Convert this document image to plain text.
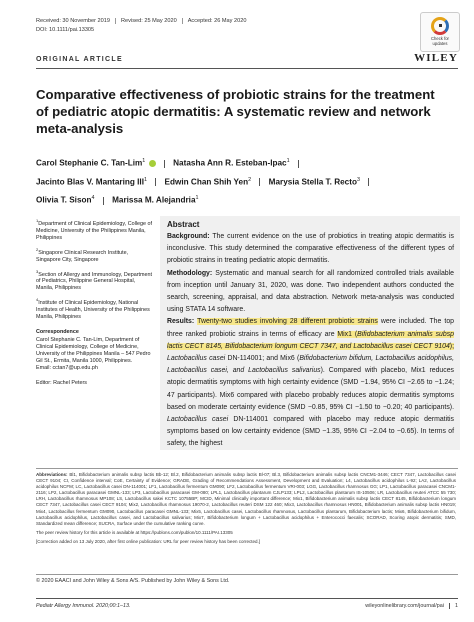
Received: 30 November 2019 Revised: 25 May 2020 Accepted: 26 May 2020
DOI: 10.1111/pai.13305
Check for
updates
WILEY
ORIGINAL ARTICLE
Comparative effectiveness of probiotic strains for the treatment of pediatric atopic dermatitis: A systematic review and network meta-analysis
Carol Stephanie C. Tan-Lim$^1$	Natasha Ann R. Esteban-Ipac$^1$
Jacinto Blas V. Mantaring III$^1$ Edwin Chan Shih Yen$^2$ Marysia Stella T. Recto$^3$
Olivia T. Sison$^4$ Marissa M. Alejandria$^1$
$^1$Department of Clinical Epidemiology, College of Medicine, University of the Philippines Manila, Philippines
$^2$Singapore Clinical Research Institute, Singapore City, Singapore
$^3$Section of Allergy and Immunology, Department of Pediatrics, Philippine General Hospital, Manila, Philippines
$^4$Institute of Clinical Epidemiology, National Institutes of Health, University of the Philippines Manila, Philippines
Correspondence
Carol Stephanie C. Tan-Lim, Department of Clinical Epidemiology, College of Medicine, University of the Philippines Manila – 547 Pedro Gil St., Ermita, Manila 1000, Philippines.
Email: cctan7@up.edu.ph
Editor: Rachel Peters
Abstract

Background: The current evidence on the use of probiotics in treating atopic dermatitis is inconclusive. This study determined the comparative effectiveness of the different types of probiotic strains in treating pediatric atopic dermatitis.
Methodology: Systematic and manual search for all randomized controlled trials available from inception until January 31, 2020, was done. Two independent authors conducted the search, screening, appraisal, and data abstraction. Network meta-analysis was conducted using STATA 14 software.
Results: Twenty-two studies involving 28 different probiotic strains were included. The top three ranked probiotic strains in terms of efficacy are Mix1 (Bifidobacterium animalis subsp lactis CECT 8145, Bifidobacterium longum CECT 7347, and Lactobacillus casei CECT 9104); Lactobacillus casei DN-114001; and Mix6 (Bifidobacterium bifidum, Lactobacillus acidophilus, Lactobacillus casei, and Lactobacillus salivarius). Compared with placebo, Mix1 reduces atopic dermatitis symptoms with high certainty evidence (SMD −1.94, 95% CI −2.65 to −1.24; 47 participants). Mix6 compared with placebo probably reduces atopic dermatitis symptoms based on moderate certainty evidence (SMD −0.85, 95% CI −1.50 to −0.20; 40 participants). Lactobacillus casei DN-114001 compared with placebo may reduce atopic dermatitis symptoms based on low certainty evidence (SMD −1.35, 95% CI −2.04 to −0.65). In terms of safety, the highest

Abbreviations: Bl1, Bifidobacterium animalis subsp lactis Bb-12; Bl.2, Bifidobacterium animalis subsp lactis Bl-07; Bl.3, Bifidobacterium animalis subsp lactis CNCM1-3446; CECT 7347, Lactobacillus casei CECT 9104; CI, Confidence interval; CoE, Certainty of Evidence; GRADE, Grading of Recommendations Assessment, Development and Evaluation; L4, Lactobacillus acidophilus L-92; LA2, Lactobacillus acidophilus NCFM; LC, Lactobacillus casei DN-114001; LF1, Lactobacillus fermentum GM090; LF2, Lactobacillus fermentum VRI-003; LGG, Lactobacillus rhamnosus GG; LP1, Lactobacillus paracasei CNCM1-2116; LP2, Lactobacillus paracasei GMNL-133; LP3, Lactobacillus paracasei GM-080; LPL1, Lactobacillus plantarum CJLP133; LPL2, Lactobacillus plantarum IS-10506; LR, Lactobacillus reuteri ATCC 55 730; LRH, Lactobacillus rhamnosus MP108; LS, Lactobacillus sakei KCTC 10755BP; MCID, Minimal clinically important difference; Mix1, Bifidobacterium animalis subsp lactis CECT 8145, Bifidobacterium longum CECT 7347, Lactobacillus casei CECT 9104; Mix2, Lactobacillus rhamnosus 19070-2, Lactobacillus reuteri DSM 122 460; Mix3, Lactobacillus rhamnosus HN001, Bifidobacterium animalis subsp lactis HN019; Mix4, Lactobacillus fermentum GM090, Lactobacillus paracasei GMNL-133; Mix5, Lactobacillus casei, Lactobacillus rhamnosus, Lactobacillus plantarum, Bifidobacterium lactis; Mix6, Bifidobacterium bifidum, Lactobacillus acidophilus, Lactobacillus casei, and Lactobacillus salivarius; Mix7, Bifidobacterium longum + Lactobacillus acidophilus + Enterococci faecalis; SCORAD, Scoring atopic dermatitis; SMD, Standardized mean difference; SUCRA, Surface under the cumulative ranking curve.
The peer review history for this article is available at https://publons.com/publon/10.1111/PAI.13305
[Correction added on 13 July 2020, after first online publication: URL for peer review history has been corrected.]
© 2020 EAACI and John Wiley & Sons A/S. Published by John Wiley & Sons Ltd.
Pediatr Allergy Immunol. 2020;00:1–13.	wileyonlinelibrary.com/journal/pai 1
